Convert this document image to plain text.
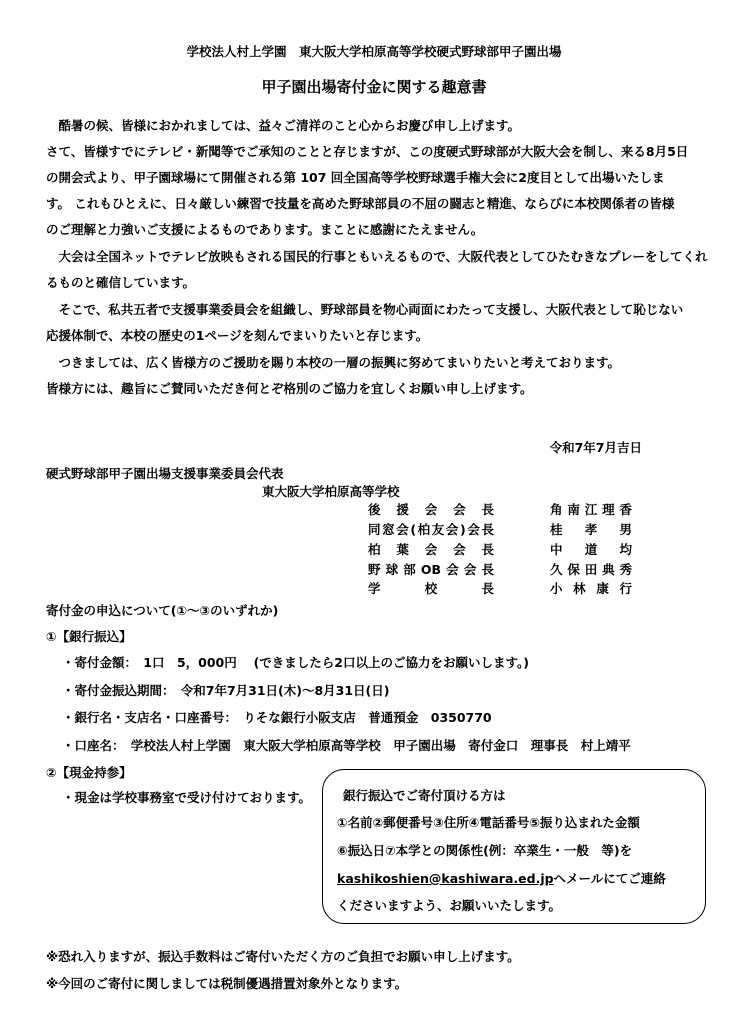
学校法人村上学園　東大阪大学柏原高等学校硬式野球部甲子園出場
甲子園出場寄付金に関する趣意書
　酷暑の候、皆様におかれましては、益々ご清祥のこと心からお慶び申し上げます。
さて、皆様すでにテレビ・新聞等でご承知のことと存じますが、この度硬式野球部が大阪大会を制し、来る8月5日
の開会式より、甲子園球場にて開催される第 107 回全国高等学校野球選手権大会に2度目として出場いたしま
す。 これもひとえに、日々厳しい練習で技量を高めた野球部員の不屈の闘志と精進、ならびに本校関係者の皆様
のご理解と力強いご支援によるものであります。まことに感謝にたえません。
　大会は全国ネットでテレビ放映もされる国民的行事ともいえるもので、大阪代表としてひたむきなプレーをしてくれ
るものと確信しています。
　そこで、私共五者で支援事業委員会を組織し、野球部員を物心両面にわたって支援し、大阪代表として恥じない
応援体制で、本校の歴史の1ページを刻んでまいりたいと存じます。
　つきましては、広く皆様方のご援助を賜り本校の一層の振興に努めてまいりたいと考えております。
皆様方には、趣旨にご賛同いただき何とぞ格別のご協力を宜しくお願い申し上げます。
令和7年7月吉日
硬式野球部甲子園出場支援事業委員会代表
東大阪大学柏原高等学校
後援会会長	角南江理香
同窓会(柏友会)会長	桂孝男
柏葉会会長	中道均
野球部OB会会長	久保田典秀
学校長	小林康行
寄付金の申込について(①～③のいずれか)
①【銀行振込】
・寄付金額：　1口　5，000円　 (できましたら2口以上のご協力をお願いします。)
・寄付金振込期間：　令和7年7月31日(木)～8月31日(日)
・銀行名・支店名・口座番号：　りそな銀行小阪支店　普通預金　0350770
・口座名：　学校法人村上学園　東大阪大学柏原高等学校　甲子園出場　寄付金口　理事長　村上靖平
②【現金持参】
・現金は学校事務室で受け付けております。	銀行振込でご寄付頂ける方は
①名前②郵便番号③住所④電話番号⑤振り込まれた金額
⑥振込日⑦本学との関係性(例：卒業生・一般　等)を
kashikoshien@kashiwara.ed.jpへメールにてご連絡
くださいますよう、お願いいたします。
※恐れ入りますが、振込手数料はご寄付いただく方のご負担でお願い申し上げます。
※今回のご寄付に関しましては税制優遇措置対象外となります。
